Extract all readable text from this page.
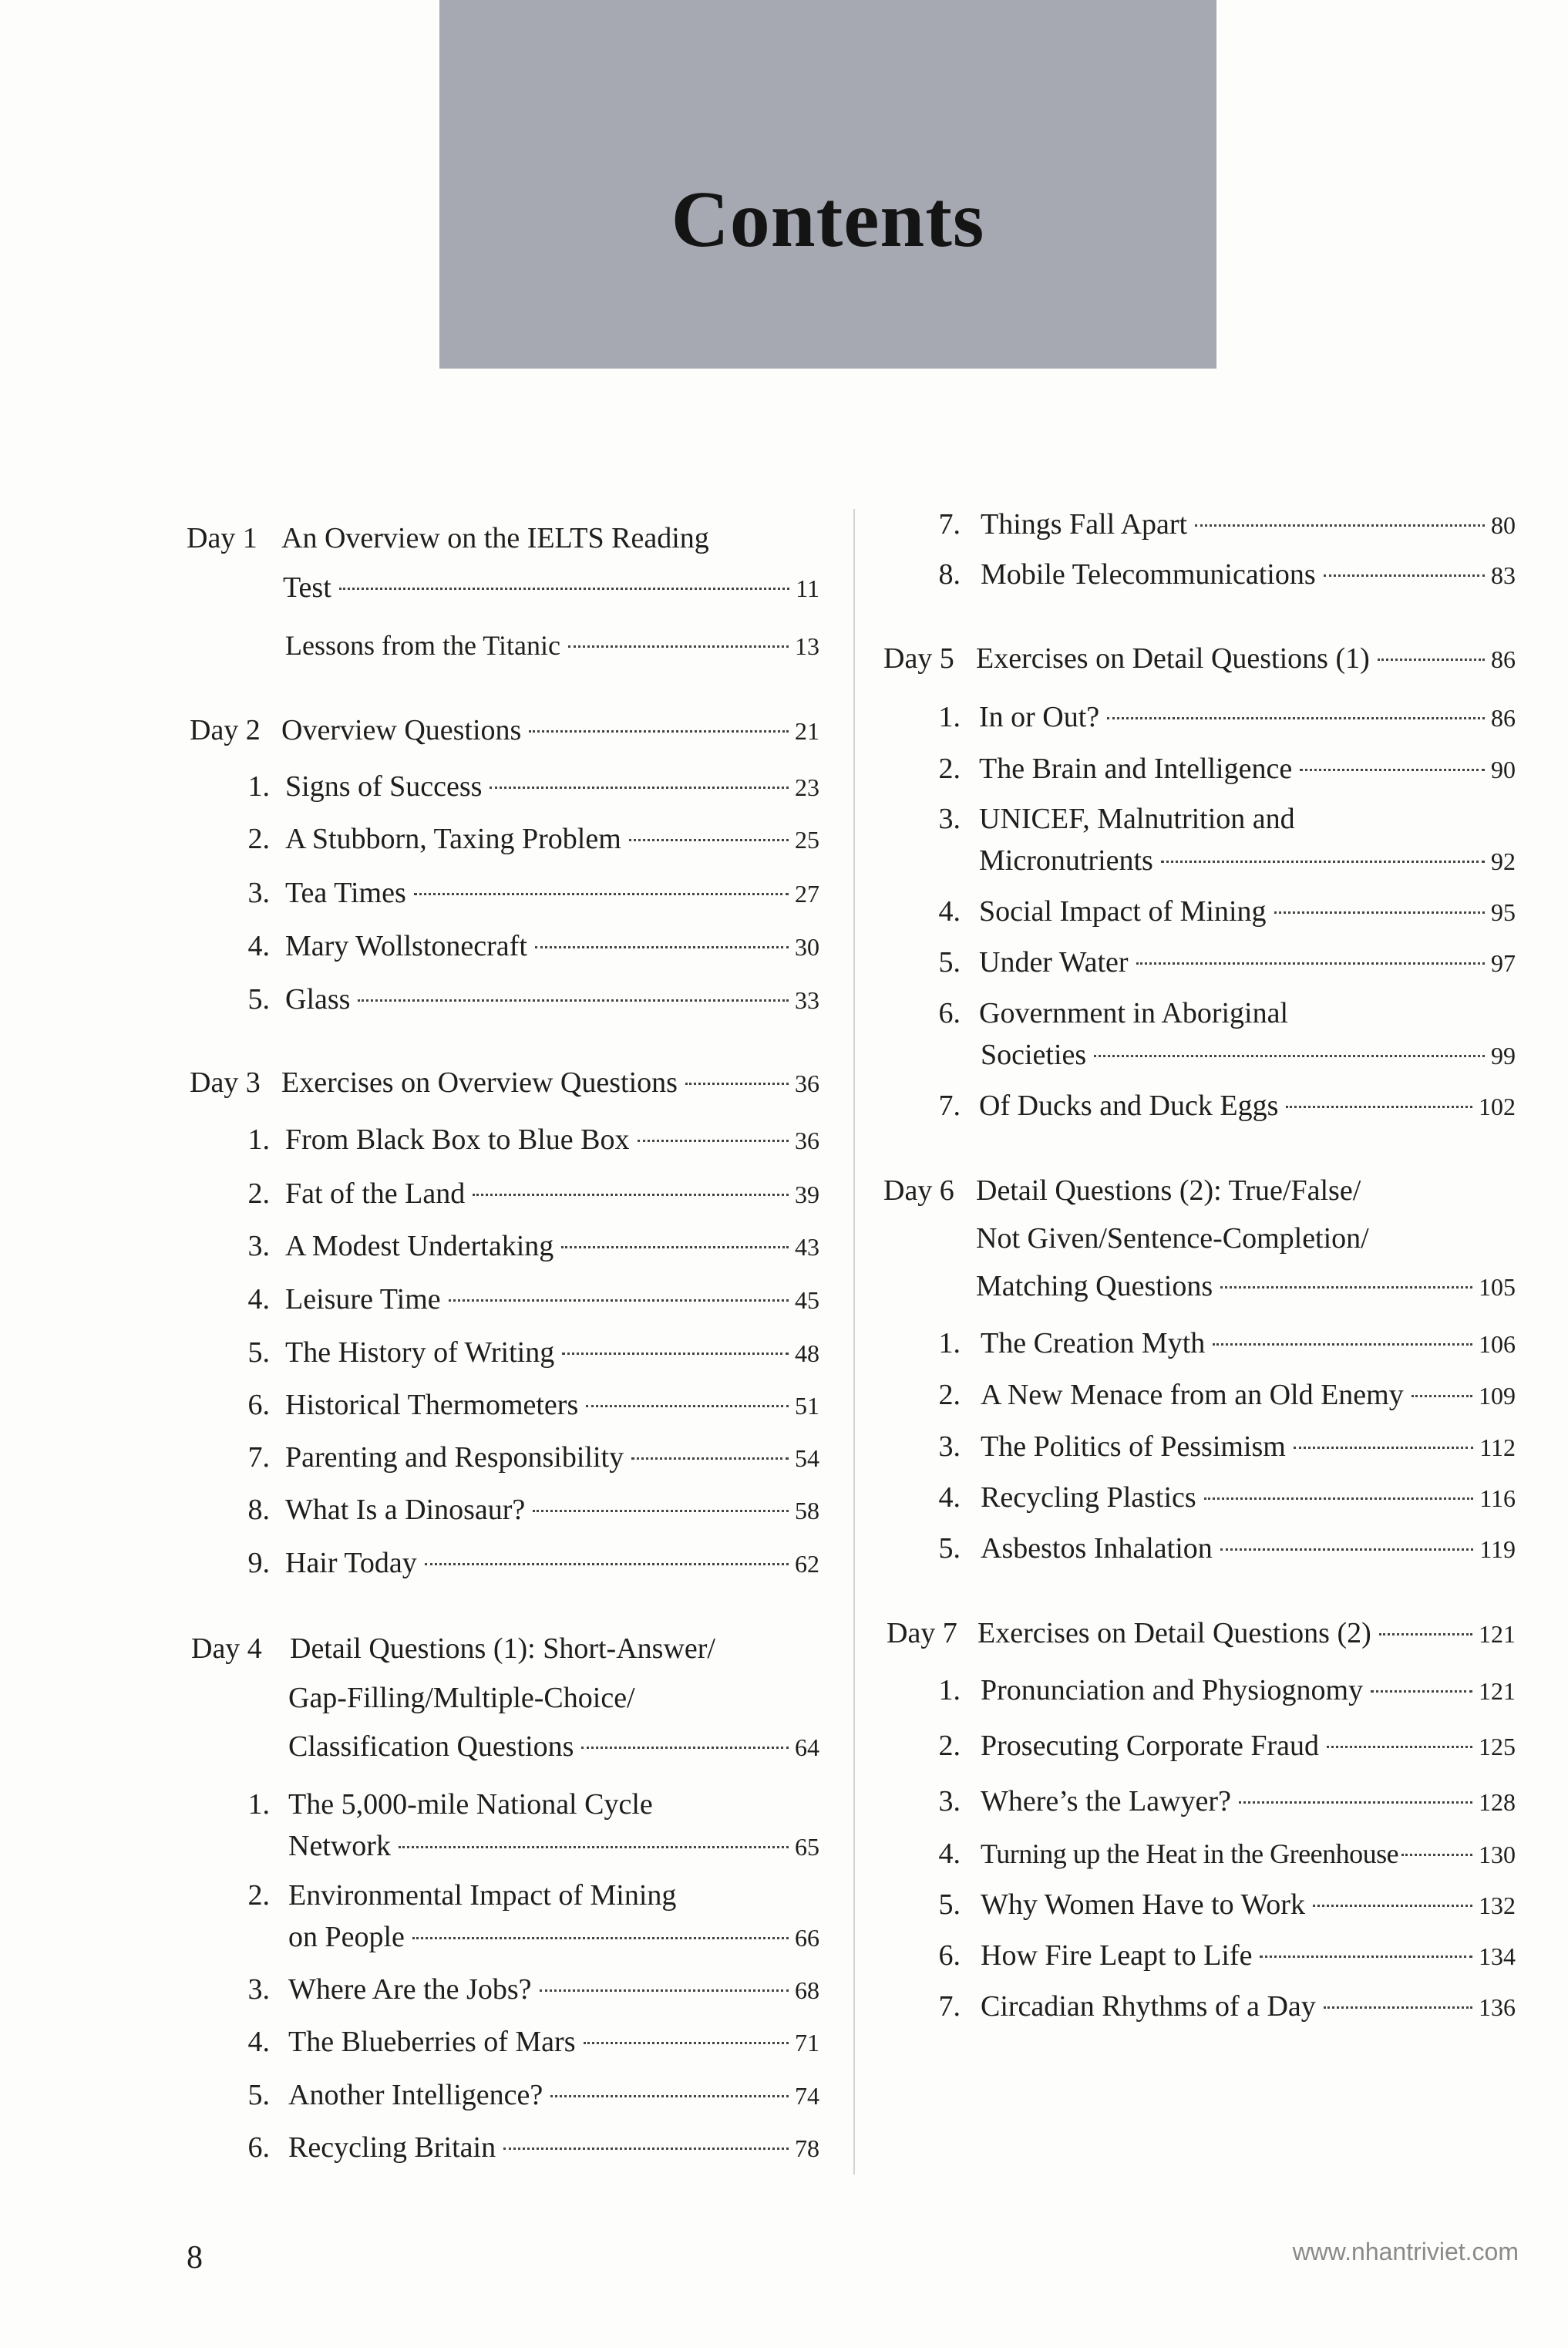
Contents
Day 1 An Overview on the IELTS Reading
Test	11
Lessons from the Titanic	13
Day 2 Overview Questions	21
1. Signs of Success	23
2. A Stubborn, Taxing Problem	25
3. Tea Times	27
4. Mary Wollstonecraft	30
5. Glass	33
Day 3 Exercises on Overview Questions	36
1. From Black Box to Blue Box	36
2. Fat of the Land	39
3. A Modest Undertaking	43
4. Leisure Time	45
5. The History of Writing	48
6. Historical Thermometers	51
7. Parenting and Responsibility	54
8. What Is a Dinosaur?	58
9. Hair Today	62
Day 4 Detail Questions (1): Short-Answer/
Gap-Filling/Multiple-Choice/
Classification Questions	64
1. The 5,000-mile National Cycle
Network	65
2. Environmental Impact of Mining
on People	66
3. Where Are the Jobs?	68
4. The Blueberries of Mars	71
5. Another Intelligence?	74
6. Recycling Britain	78
7. Things Fall Apart	80
8. Mobile Telecommunications	83
Day 5 Exercises on Detail Questions (1)	86
1. In or Out?	86
2. The Brain and Intelligence	90
3. UNICEF, Malnutrition and
Micronutrients	92
4. Social Impact of Mining	95
5. Under Water	97
6. Government in Aboriginal
Societies	99
7. Of Ducks and Duck Eggs	102
Day 6 Detail Questions (2): True/False/
Not Given/Sentence-Completion/
Matching Questions	105
1. The Creation Myth	106
2. A New Menace from an Old Enemy	109
3. The Politics of Pessimism	112
4. Recycling Plastics	116
5. Asbestos Inhalation	119
Day 7 Exercises on Detail Questions (2)	121
1. Pronunciation and Physiognomy	121
2. Prosecuting Corporate Fraud	125
3. Where’s the Lawyer?	128
4. Turning up the Heat in the Greenhouse	130
5. Why Women Have to Work	132
6. How Fire Leapt to Life	134
7. Circadian Rhythms of a Day	136
8	www.nhantriviet.com
